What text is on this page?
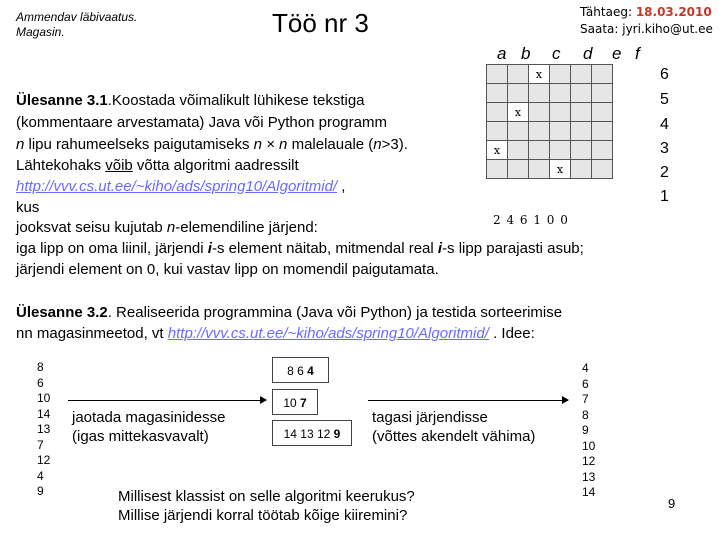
Ammendav läbivaatus.
Magasin.	Töö nr 3	Tähtaeg: 18.03.2010
Saata: jyri.kiho@ut.ee
a b c d e f
		x			

	x				

x					
			x		
6
5
4
3
2
1
2 4 6 1 0 0
Ülesanne 3.1.Koostada võimalikult lühikese tekstiga
(kommentaare arvestamata) Java või Python programm
n lipu rahumeelseks paigutamiseks n × n malelauale (n>3).
Lähtekohaks võib võtta algoritmi aadressilt
http://vvv.cs.ut.ee/~kiho/ads/spring10/Algoritmid/ ,
kus
jooksvat seisu kujutab n-elemendiline järjend:
iga lipp on oma liinil, järjendi i-s element näitab, mitmendal real i-s lipp parajasti asub;
järjendi element on 0, kui vastav lipp on momendil paigutamata.
Ülesanne 3.2. Realiseerida programmina (Java või Python) ja testida sorteerimise
nn magasinmeetod, vt http://vvv.cs.ut.ee/~kiho/ads/spring10/Algoritmid/ . Idee:
8
6
10
14
13
7
12
4
9
jaotada magasinidesse
(igas mittekasvavalt)
8 6 4
10 7
14 13 12 9
tagasi järjendisse
(võttes akendelt vähima)
4
6
7
8
9
10
12
13
14
Millisest klassist on selle algoritmi keerukus?
Millise järjendi korral töötab kõige kiiremini?
9
